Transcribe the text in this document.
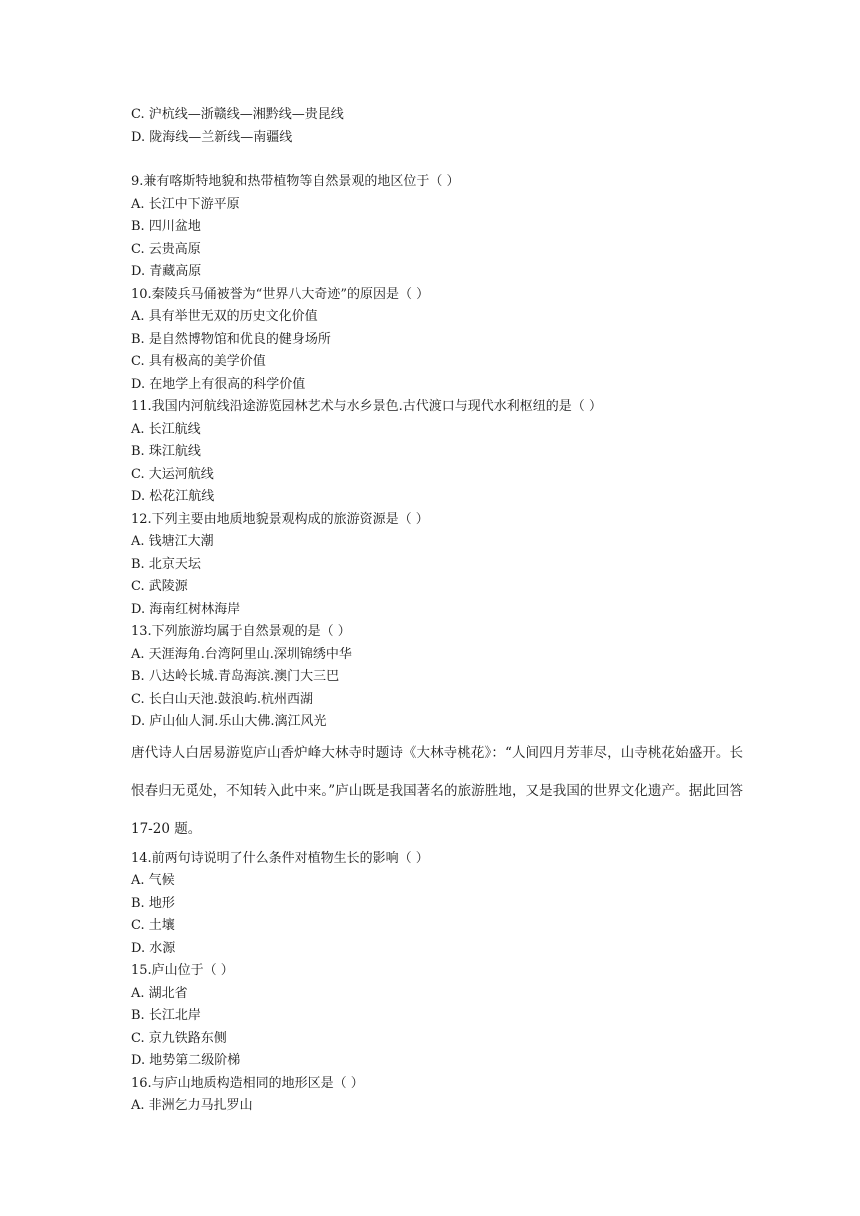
C. 沪杭线—浙赣线—湘黔线—贵昆线
D. 陇海线—兰新线—南疆线
9.兼有喀斯特地貌和热带植物等自然景观的地区位于（ ）
A. 长江中下游平原
B. 四川盆地
C. 云贵高原
D. 青藏高原
10.秦陵兵马俑被誉为“世界八大奇迹”的原因是（ ）
A. 具有举世无双的历史文化价值
B. 是自然博物馆和优良的健身场所
C. 具有极高的美学价值
D. 在地学上有很高的科学价值
11.我国内河航线沿途游览园林艺术与水乡景色.古代渡口与现代水利枢纽的是（ ）
A. 长江航线
B. 珠江航线
C. 大运河航线
D. 松花江航线
12.下列主要由地质地貌景观构成的旅游资源是（ ）
A. 钱塘江大潮
B. 北京天坛
C. 武陵源
D. 海南红树林海岸
13.下列旅游均属于自然景观的是（ ）
A. 天涯海角.台湾阿里山.深圳锦绣中华
B. 八达岭长城.青岛海滨.澳门大三巴
C. 长白山天池.鼓浪屿.杭州西湖
D. 庐山仙人洞.乐山大佛.漓江风光
唐代诗人白居易游览庐山香炉峰大林寺时题诗《大林寺桃花》：“人间四月芳菲尽，山寺桃花始盛开。长恨春归无觅处，不知转入此中来。”庐山既是我国著名的旅游胜地，又是我国的世界文化遗产。据此回答 17-20 题。
14.前两句诗说明了什么条件对植物生长的影响（ ）
A. 气候
B. 地形
C. 土壤
D. 水源
15.庐山位于（ ）
A. 湖北省
B. 长江北岸
C. 京九铁路东侧
D. 地势第二级阶梯
16.与庐山地质构造相同的地形区是（ ）
A. 非洲乞力马扎罗山
